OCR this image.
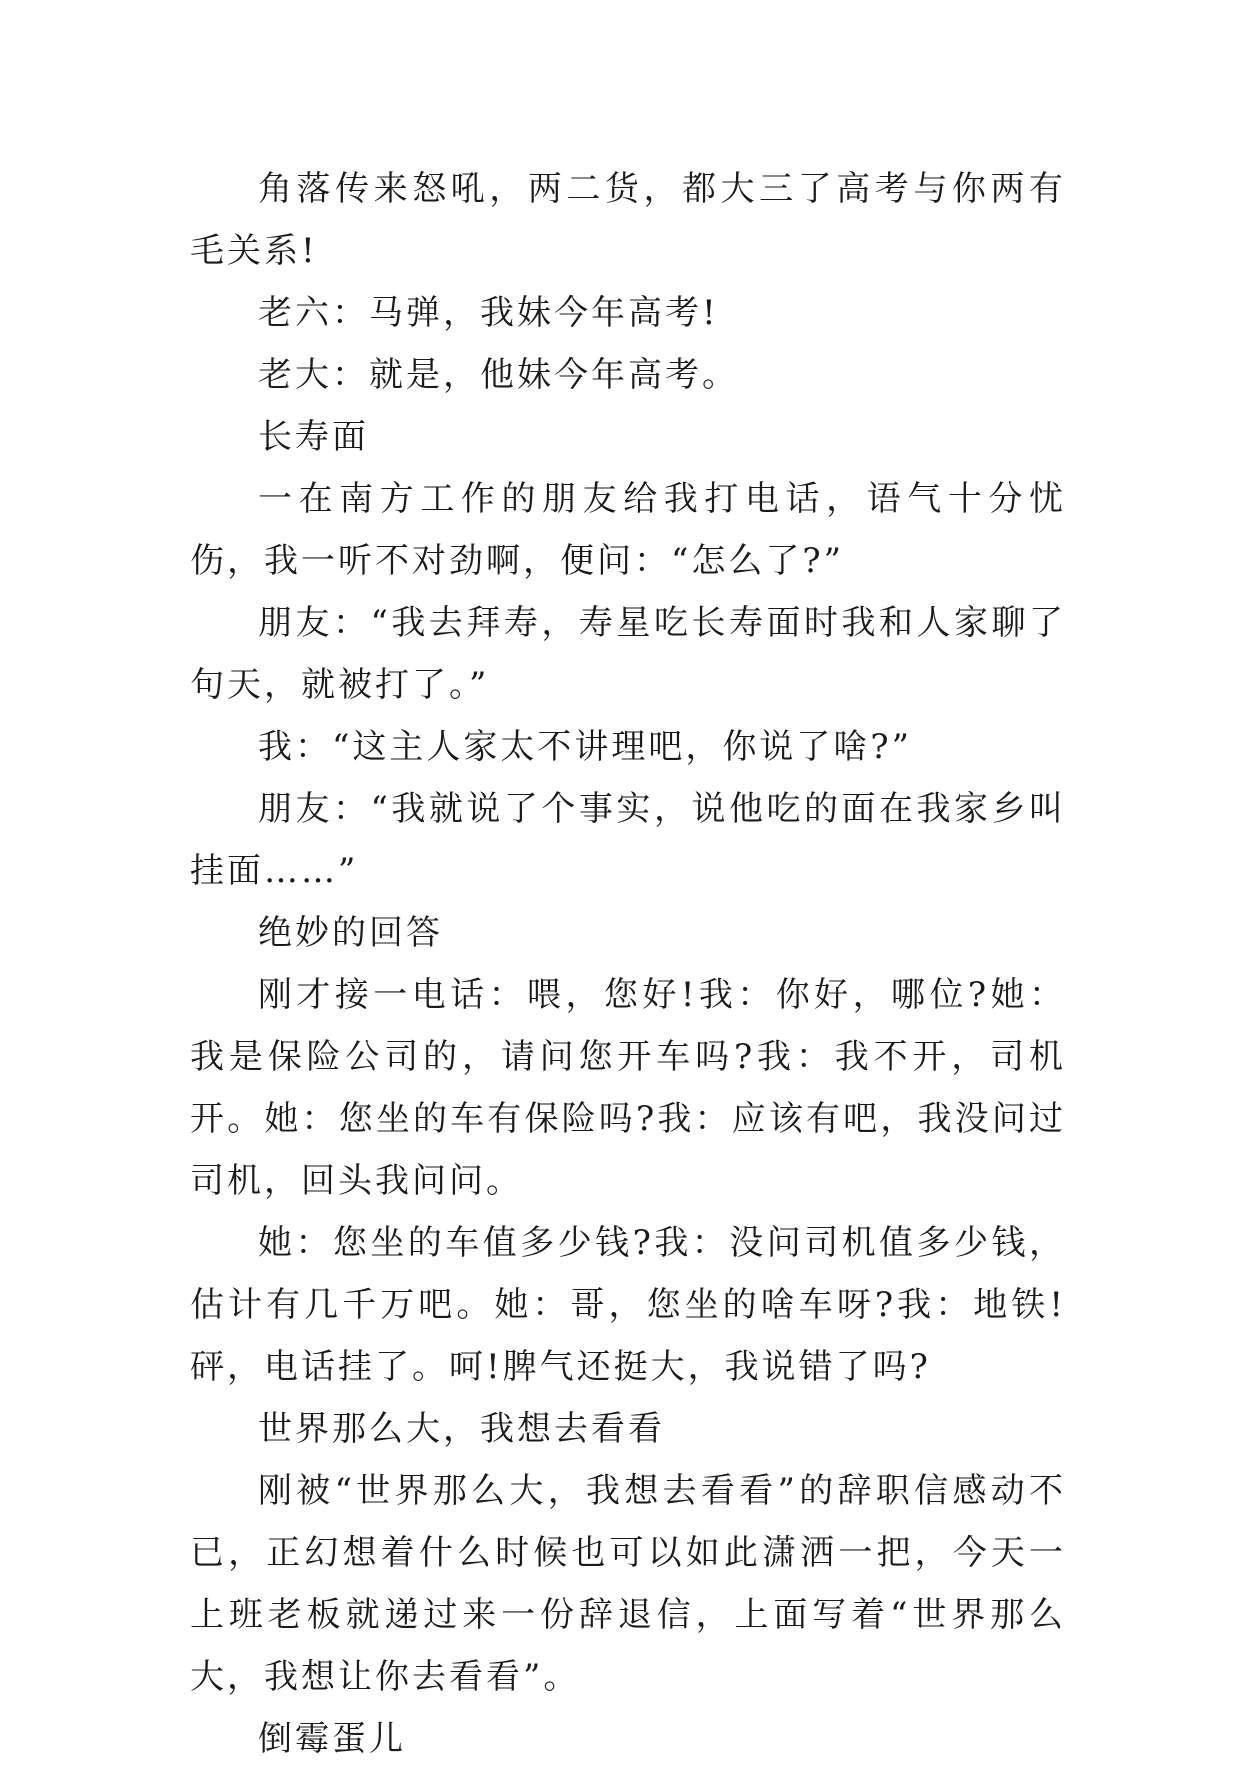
角落传来怒吼，两二货，都大三了高考与你两有毛关系!

老六：马弹，我妹今年高考!

老大：就是，他妹今年高考。

长寿面

一在南方工作的朋友给我打电话，语气十分忧伤，我一听不对劲啊，便问：“怎么了?”

朋友：“我去拜寿，寿星吃长寿面时我和人家聊了句天，就被打了。”

我：“这主人家太不讲理吧，你说了啥?”

朋友：“我就说了个事实，说他吃的面在我家乡叫挂面……”

绝妙的回答

刚才接一电话：喂，您好!我：你好，哪位?她：我是保险公司的，请问您开车吗?我：我不开，司机开。她：您坐的车有保险吗?我：应该有吧，我没问过司机，回头我问问。

她：您坐的车值多少钱?我：没问司机值多少钱，估计有几千万吧。她：哥，您坐的啥车呀?我：地铁!砰，电话挂了。呵!脾气还挺大，我说错了吗?

世界那么大，我想去看看

刚被“世界那么大，我想去看看”的辞职信感动不已，正幻想着什么时候也可以如此潇洒一把，今天一上班老板就递过来一份辞退信，上面写着“世界那么大，我想让你去看看”。

倒霉蛋儿
